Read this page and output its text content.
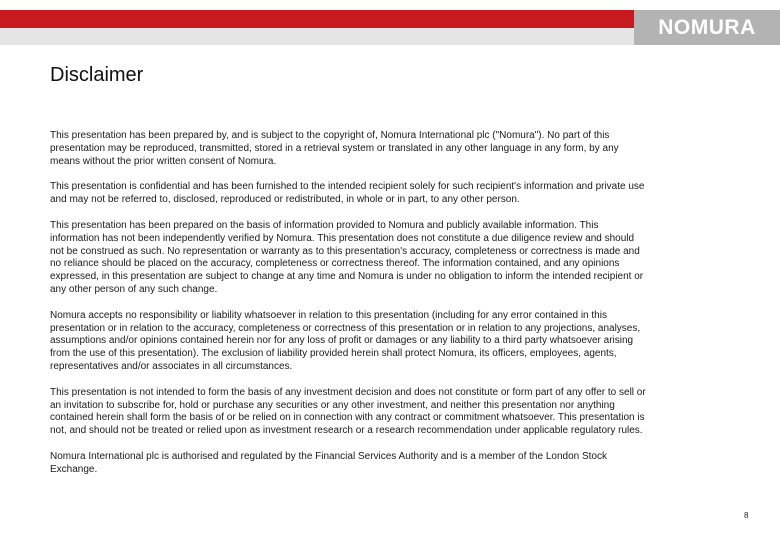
NOMURA
Disclaimer

This presentation has been prepared by, and is subject to the copyright of, Nomura International plc ("Nomura"). No part of this presentation may be reproduced, transmitted, stored in a retrieval system or translated in any other language in any form, by any means without the prior written consent of Nomura.

This presentation is confidential and has been furnished to the intended recipient solely for such recipient's information and private use and may not be referred to, disclosed, reproduced or redistributed, in whole or in part, to any other person.

This presentation has been prepared on the basis of information provided to Nomura and publicly available information. This information has not been independently verified by Nomura. This presentation does not constitute a due diligence review and should not be construed as such. No representation or warranty as to this presentation's accuracy, completeness or correctness is made and no reliance should be placed on the accuracy, completeness or correctness thereof. The information contained, and any opinions expressed, in this presentation are subject to change at any time and Nomura is under no obligation to inform the intended recipient or any other person of any such change.

Nomura accepts no responsibility or liability whatsoever in relation to this presentation (including for any error contained in this presentation or in relation to the accuracy, completeness or correctness of this presentation or in relation to any projections, analyses, assumptions and/or opinions contained herein nor for any loss of profit or damages or any liability to a third party whatsoever arising from the use of this presentation). The exclusion of liability provided herein shall protect Nomura, its officers, employees, agents, representatives and/or associates in all circumstances.

This presentation is not intended to form the basis of any investment decision and does not constitute or form part of any offer to sell or an invitation to subscribe for, hold or purchase any securities or any other investment, and neither this presentation nor anything contained herein shall form the basis of or be relied on in connection with any contract or commitment whatsoever. This presentation is not, and should not be treated or relied upon as investment research or a research recommendation under applicable regulatory rules.

Nomura International plc is authorised and regulated by the Financial Services Authority and is a member of the London Stock Exchange.

8
